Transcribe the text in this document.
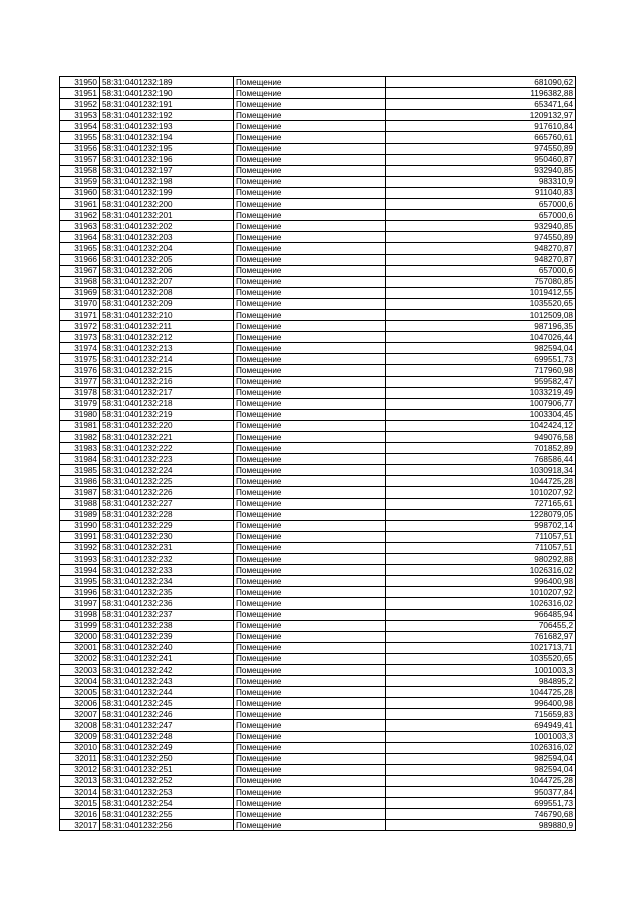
31950	58:31:0401232:189	Помещение	681090,62
31951	58:31:0401232:190	Помещение	1196382,88
31952	58:31:0401232:191	Помещение	653471,64
31953	58:31:0401232:192	Помещение	1209132,97
31954	58:31:0401232:193	Помещение	917610,84
31955	58:31:0401232:194	Помещение	665760,61
31956	58:31:0401232:195	Помещение	974550,89
31957	58:31:0401232:196	Помещение	950460,87
31958	58:31:0401232:197	Помещение	932940,85
31959	58:31:0401232:198	Помещение	983310,9
31960	58:31:0401232:199	Помещение	911040,83
31961	58:31:0401232:200	Помещение	657000,6
31962	58:31:0401232:201	Помещение	657000,6
31963	58:31:0401232:202	Помещение	932940,85
31964	58:31:0401232:203	Помещение	974550,89
31965	58:31:0401232:204	Помещение	948270,87
31966	58:31:0401232:205	Помещение	948270,87
31967	58:31:0401232:206	Помещение	657000,6
31968	58:31:0401232:207	Помещение	757080,85
31969	58:31:0401232:208	Помещение	1019412,55
31970	58:31:0401232:209	Помещение	1035520,65
31971	58:31:0401232:210	Помещение	1012509,08
31972	58:31:0401232:211	Помещение	987196,35
31973	58:31:0401232:212	Помещение	1047026,44
31974	58:31:0401232:213	Помещение	982594,04
31975	58:31:0401232:214	Помещение	699551,73
31976	58:31:0401232:215	Помещение	717960,98
31977	58:31:0401232:216	Помещение	959582,47
31978	58:31:0401232:217	Помещение	1033219,49
31979	58:31:0401232:218	Помещение	1007906,77
31980	58:31:0401232:219	Помещение	1003304,45
31981	58:31:0401232:220	Помещение	1042424,12
31982	58:31:0401232:221	Помещение	949076,58
31983	58:31:0401232:222	Помещение	701852,89
31984	58:31:0401232:223	Помещение	768586,44
31985	58:31:0401232:224	Помещение	1030918,34
31986	58:31:0401232:225	Помещение	1044725,28
31987	58:31:0401232:226	Помещение	1010207,92
31988	58:31:0401232:227	Помещение	727165,61
31989	58:31:0401232:228	Помещение	1228079,05
31990	58:31:0401232:229	Помещение	998702,14
31991	58:31:0401232:230	Помещение	711057,51
31992	58:31:0401232:231	Помещение	711057,51
31993	58:31:0401232:232	Помещение	980292,88
31994	58:31:0401232:233	Помещение	1026316,02
31995	58:31:0401232:234	Помещение	996400,98
31996	58:31:0401232:235	Помещение	1010207,92
31997	58:31:0401232:236	Помещение	1026316,02
31998	58:31:0401232:237	Помещение	966485,94
31999	58:31:0401232:238	Помещение	706455,2
32000	58:31:0401232:239	Помещение	761682,97
32001	58:31:0401232:240	Помещение	1021713,71
32002	58:31:0401232:241	Помещение	1035520,65
32003	58:31:0401232:242	Помещение	1001003,3
32004	58:31:0401232:243	Помещение	984895,2
32005	58:31:0401232:244	Помещение	1044725,28
32006	58:31:0401232:245	Помещение	996400,98
32007	58:31:0401232:246	Помещение	715659,83
32008	58:31:0401232:247	Помещение	694949,41
32009	58:31:0401232:248	Помещение	1001003,3
32010	58:31:0401232:249	Помещение	1026316,02
32011	58:31:0401232:250	Помещение	982594,04
32012	58:31:0401232:251	Помещение	982594,04
32013	58:31:0401232:252	Помещение	1044725,28
32014	58:31:0401232:253	Помещение	950377,84
32015	58:31:0401232:254	Помещение	699551,73
32016	58:31:0401232:255	Помещение	746790,68
32017	58:31:0401232:256	Помещение	989880,9
